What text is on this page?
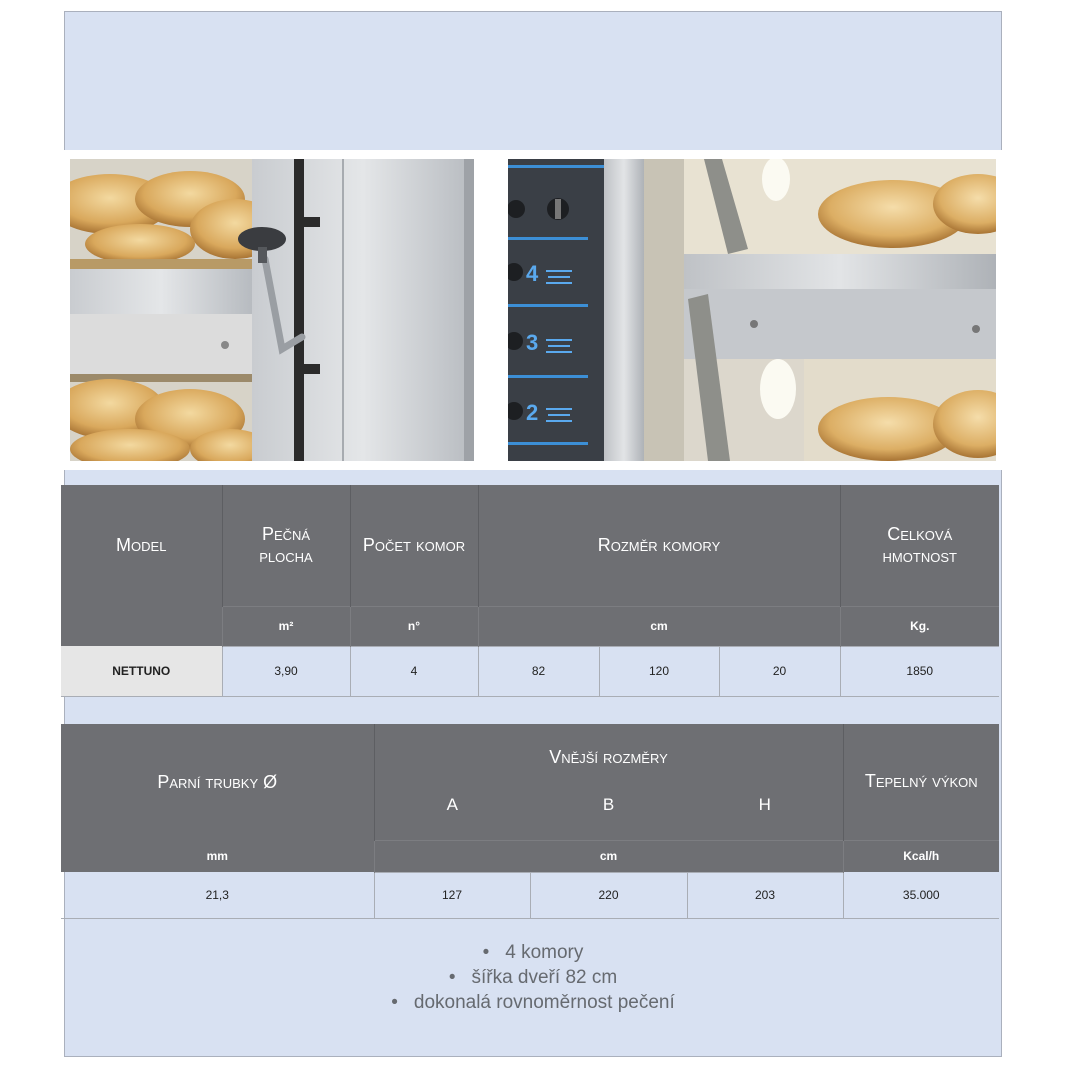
4
3
2
Model	Pečná plocha	Počet komor	Rozměr komory			Celková hmotnost
	m²	n°	cm			Kg.
NETTUNO	3,90	4	82	120	20	1850
Parní trubky Ø	Vnější rozměry			Tepelný výkon
	A	B	H	
mm	cm			Kcal/h
21,3	127	220	203	35.000
• 4 komory
• šířka dveří 82 cm
• dokonalá rovnoměrnost pečení
